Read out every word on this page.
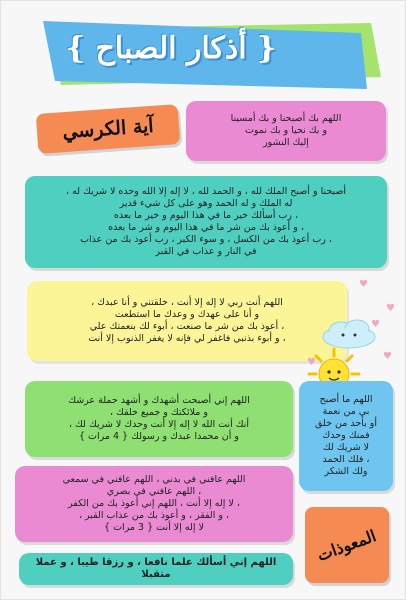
{ أذكار الصباح }

اللهم بك أصبحنا و بك أمسينا
و بك نحيا و بك نموت
إليك النشور

آية الكرسي

أصبحنا و أصبح الملك لله ، و الحمد لله ، لا إله إلا الله وحده لا شريك له ،
له الملك و له الحمد وهو على كل شيء قدير
، رب أسألك خير ما في هذا اليوم و خير ما بعده
، و أعوذ بك من شر ما في هذا اليوم و شر ما بعده
، رب أعوذ بك من الكسل ، و سوء الكبر ، رب أعوذ بك من عذاب
في النار و عذاب في القبر

اللهم أنت ربي لا إله إلا أنت ، خلقتني و أنا عبدك ،
و أنا على عهدك و وعدك ما استطعت
، أعوذ بك من شر ما صنعت ، أبوء لك بنعمتك علي
، و أبوء بذنبي فاغفر لي فإنه لا يغفر الذنوب إلا أنت

♥
♥
♥
♥
♥

اللهم إني أصبحت أشهدك و أشهد حملة عرشك
و ملائكتك و جميع خلقك ،
أنك أنت الله لا إله إلا أنت وحدك لا شريك لك ،
و أن محمدا عبدك و رسولك { 4 مرات }

اللهم ما أصبح
بي من نعمة
أو بأحد من خلق
فمنك وحدك
لا شريك لك
، فلك الحمد
ولك الشكر

اللهم عافني في بدني ، اللهم عافني في سمعي
، اللهم عافني في بصري
، لا إله إلا أنت ، اللهم إني أعوذ بك من الكفر
، و الفقر ، و أعوذ بك من عذاب القبر ،
لا إله إلا أنت { 3 مرات }	المعوذات

اللهم إني أسألك علما نافعا ، و رزقا طيبا ، و عملا متقبلا
